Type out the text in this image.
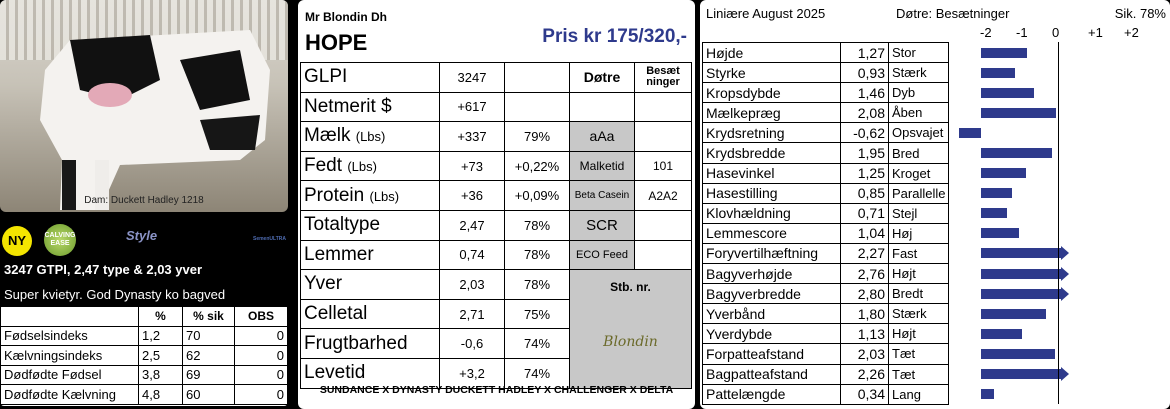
Dam: Duckett Hadley 1218
NY	CALVING EASE
Style	SemenULTRA
3247 GTPI, 2,47 type & 2,03 yver
Super kvietyr. God Dynasty ko bagved
	%	% sik	OBS
Fødselsindeks	1,2	70	0
Kælvningsindeks	2,5	62	0
Dødfødte Fødsel	3,8	69	0
Dødfødte Kælvning	4,8	60	0
Mr Blondin Dh
HOPE	Pris kr 175/320,-
GLPI	3247		Døtre	Besæt ninger
Netmerit $	+617			
Mælk (Lbs)	+337	79%	aAa	
Fedt (Lbs)	+73	+0,22%	Malketid	101
Protein (Lbs)	+36	+0,09%	Beta Casein	A2A2
Totaltype	2,47	78%	SCR	
Lemmer	0,74	78%	ECO Feed	
Yver	2,03	78%	Stb. nr.
Blondin	

Celletal	2,71	75%		
Frugtbarhed	-0,6	74%		
Levetid	+3,2	74%		
SUNDANCE X DYNASTY DUCKETT HADLEY X CHALLENGER X DELTA
Liniære August 2025	Døtre: Besætninger	Sik. 78%
-2 -1 0 +1 +2
Højde	1,27	Stor	

Styrke	0,93	Stærk	

Kropsdybde	1,46	Dyb	

Mælkepræg	2,08	Åben	

Krydsretning	-0,62	Opsvajet	

Krydsbredde	1,95	Bred	

Hasevinkel	1,25	Kroget	

Hasestilling	0,85	Parallelle	

Klovhældning	0,71	Stejl	

Lemmescore	1,04	Høj	

Foryvertilhæftning	2,27	Fast	

Bagyverhøjde	2,76	Højt	

Bagyverbredde	2,80	Bredt	

Yverbånd	1,80	Stærk	

Yverdybde	1,13	Højt	

Forpatteafstand	2,03	Tæt	

Bagpatteafstand	2,26	Tæt	

Pattelængde	0,34	Lang	
